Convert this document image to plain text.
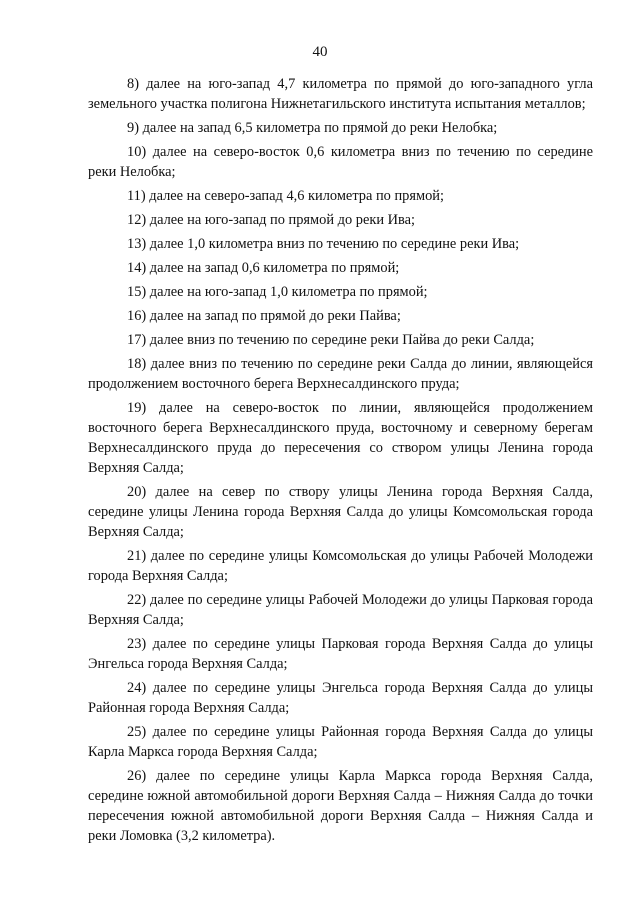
40

8) далее на юго-запад 4,7 километра по прямой до юго-западного угла земельного участка полигона Нижнетагильского института испытания металлов;

9) далее на запад 6,5 километра по прямой до реки Нелобка;

10) далее на северо-восток 0,6 километра вниз по течению по середине реки Нелобка;

11) далее на северо-запад 4,6 километра по прямой;

12) далее на юго-запад по прямой до реки Ива;

13) далее 1,0 километра вниз по течению по середине реки Ива;

14) далее на запад 0,6 километра по прямой;

15) далее на юго-запад 1,0 километра по прямой;

16) далее на запад по прямой до реки Пайва;

17) далее вниз по течению по середине реки Пайва до реки Салда;

18) далее вниз по течению по середине реки Салда до линии, являющейся продолжением восточного берега Верхнесалдинского пруда;

19) далее на северо-восток по линии, являющейся продолжением восточного берега Верхнесалдинского пруда, восточному и северному берегам Верхнесалдинского пруда до пересечения со створом улицы Ленина города Верхняя Салда;

20) далее на север по створу улицы Ленина города Верхняя Салда, середине улицы Ленина города Верхняя Салда до улицы Комсомольская города Верхняя Салда;

21) далее по середине улицы Комсомольская до улицы Рабочей Молодежи города Верхняя Салда;

22) далее по середине улицы Рабочей Молодежи до улицы Парковая города Верхняя Салда;

23) далее по середине улицы Парковая города Верхняя Салда до улицы Энгельса города Верхняя Салда;

24) далее по середине улицы Энгельса города Верхняя Салда до улицы Районная города Верхняя Салда;

25) далее по середине улицы Районная города Верхняя Салда до улицы Карла Маркса города Верхняя Салда;

26) далее по середине улицы Карла Маркса города Верхняя Салда, середине южной автомобильной дороги Верхняя Салда – Нижняя Салда до точки пересечения южной автомобильной дороги Верхняя Салда – Нижняя Салда и реки Ломовка (3,2 километра).
